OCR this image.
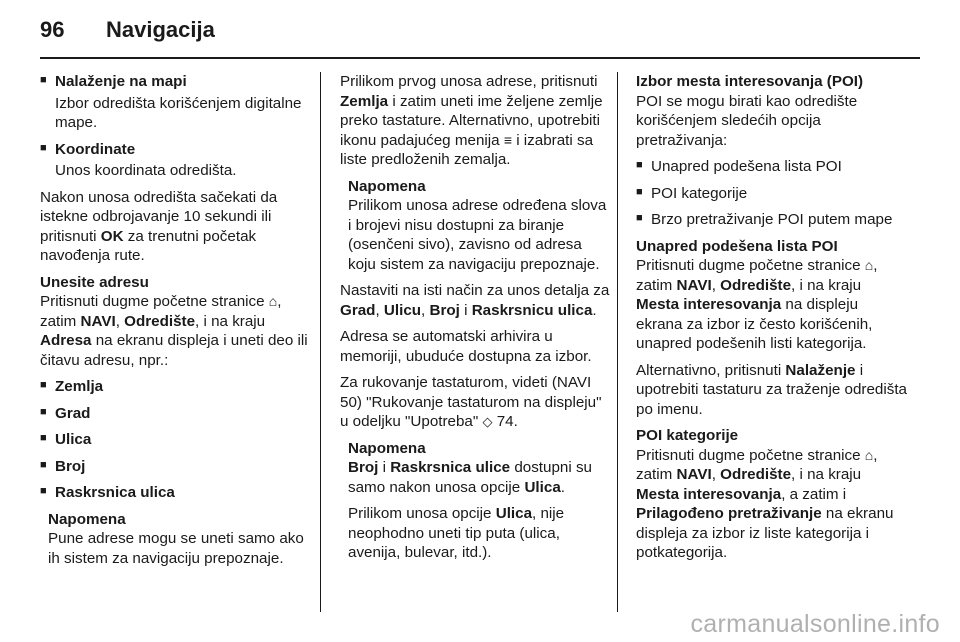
96 Navigacija
■ Nalaženje na mapi

Izbor odredišta korišćenjem digitalne mape.

■ Koordinate

Unos koordinata odredišta.

Nakon unosa odredišta sačekati da istekne odbrojavanje 10 sekundi ili pritisnuti OK za trenutni početak navođenja rute.

Unesite adresu

Pritisnuti dugme početne stranice ⌂, zatim NAVI, Odredište, i na kraju Adresa na ekranu displeja i uneti deo ili čitavu adresu, npr.:

■ Zemlja
■ Grad
■ Ulica
■ Broj
■ Raskrsnica ulica
Napomena
Pune adrese mogu se uneti samo ako ih sistem za navigaciju prepoznaje.

Prilikom prvog unosa adrese, pritisnuti Zemlja i zatim uneti ime željene zemlje preko tastature. Alternativno, upotrebiti ikonu padajućeg menija ≡ i izabrati sa liste predloženih zemalja.

Napomena
Prilikom unosa adrese određena slova i brojevi nisu dostupni za biranje (osenčeni sivo), zavisno od adresa koju sistem za navigaciju prepoznaje.

Nastaviti na isti način za unos detalja za Grad, Ulicu, Broj i Raskrsnicu ulica.

Adresa se automatski arhivira u memoriji, ubuduće dostupna za izbor.

Za rukovanje tastaturom, videti (NAVI 50) "Rukovanje tastaturom na displeju" u odeljku "Upotreba" ◇ 74.

Napomena

Broj i Raskrsnica ulice dostupni su samo nakon unosa opcije Ulica.

Prilikom unosa opcije Ulica, nije neophodno uneti tip puta (ulica, avenija, bulevar, itd.).

Izbor mesta interesovanja (POI)

POI se mogu birati kao odredište korišćenjem sledećih opcija pretraživanja:

■ Unapred podešena lista POI
■ POI kategorije
■ Brzo pretraživanje POI putem mape
Unapred podešena lista POI

Pritisnuti dugme početne stranice ⌂, zatim NAVI, Odredište, i na kraju Mesta interesovanja na displeju ekrana za izbor iz često korišćenih, unapred podešenih listi kategorija.

Alternativno, pritisnuti Nalaženje i upotrebiti tastaturu za traženje odredišta po imenu.

POI kategorije

Pritisnuti dugme početne stranice ⌂, zatim NAVI, Odredište, i na kraju Mesta interesovanja, a zatim i Prilagođeno pretraživanje na ekranu displeja za izbor iz liste kategorija i potkategorija.

carmanualsonline.info
